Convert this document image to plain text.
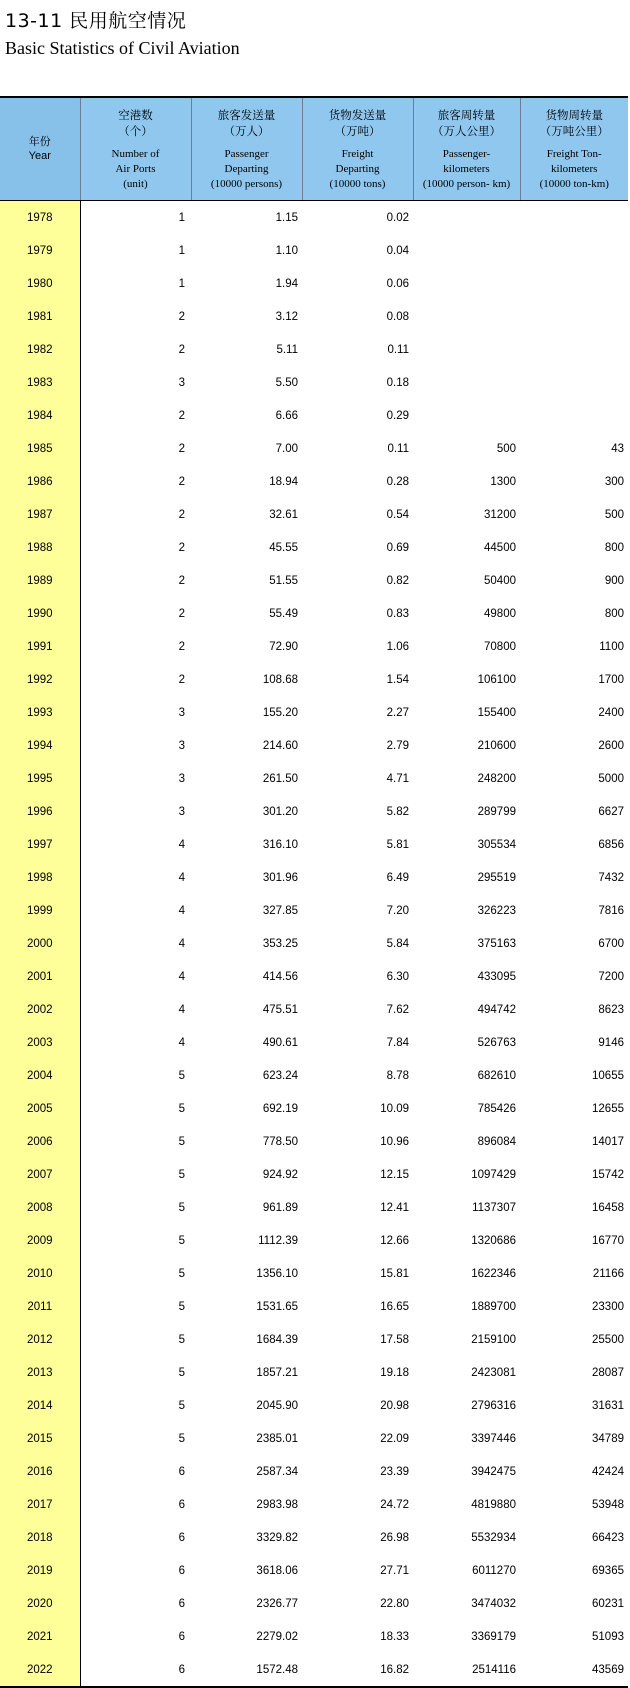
13-11 民用航空情况
Basic Statistics of Civil Aviation
年份
Year	空港数
（个）
Number of
Air Ports
(unit)	旅客发送量
（万人）
Passenger
Departing
(10000 persons)	货物发送量
（万吨）
Freight
Departing
(10000 tons)	旅客周转量
（万人公里）
Passenger-
kilometers
(10000 person- km)	货物周转量
（万吨公里）
Freight Ton-
kilometers
(10000 ton-km)

1978	1	1.15	0.02		
1979	1	1.10	0.04		
1980	1	1.94	0.06		
1981	2	3.12	0.08		
1982	2	5.11	0.11		
1983	3	5.50	0.18		
1984	2	6.66	0.29		
1985	2	7.00	0.11	500	43
1986	2	18.94	0.28	1300	300
1987	2	32.61	0.54	31200	500
1988	2	45.55	0.69	44500	800
1989	2	51.55	0.82	50400	900
1990	2	55.49	0.83	49800	800
1991	2	72.90	1.06	70800	1100
1992	2	108.68	1.54	106100	1700
1993	3	155.20	2.27	155400	2400
1994	3	214.60	2.79	210600	2600
1995	3	261.50	4.71	248200	5000
1996	3	301.20	5.82	289799	6627
1997	4	316.10	5.81	305534	6856
1998	4	301.96	6.49	295519	7432
1999	4	327.85	7.20	326223	7816
2000	4	353.25	5.84	375163	6700
2001	4	414.56	6.30	433095	7200
2002	4	475.51	7.62	494742	8623
2003	4	490.61	7.84	526763	9146
2004	5	623.24	8.78	682610	10655
2005	5	692.19	10.09	785426	12655
2006	5	778.50	10.96	896084	14017
2007	5	924.92	12.15	1097429	15742
2008	5	961.89	12.41	1137307	16458
2009	5	1112.39	12.66	1320686	16770
2010	5	1356.10	15.81	1622346	21166
2011	5	1531.65	16.65	1889700	23300
2012	5	1684.39	17.58	2159100	25500
2013	5	1857.21	19.18	2423081	28087
2014	5	2045.90	20.98	2796316	31631
2015	5	2385.01	22.09	3397446	34789
2016	6	2587.34	23.39	3942475	42424
2017	6	2983.98	24.72	4819880	53948
2018	6	3329.82	26.98	5532934	66423
2019	6	3618.06	27.71	6011270	69365
2020	6	2326.77	22.80	3474032	60231
2021	6	2279.02	18.33	3369179	51093
2022	6	1572.48	16.82	2514116	43569
